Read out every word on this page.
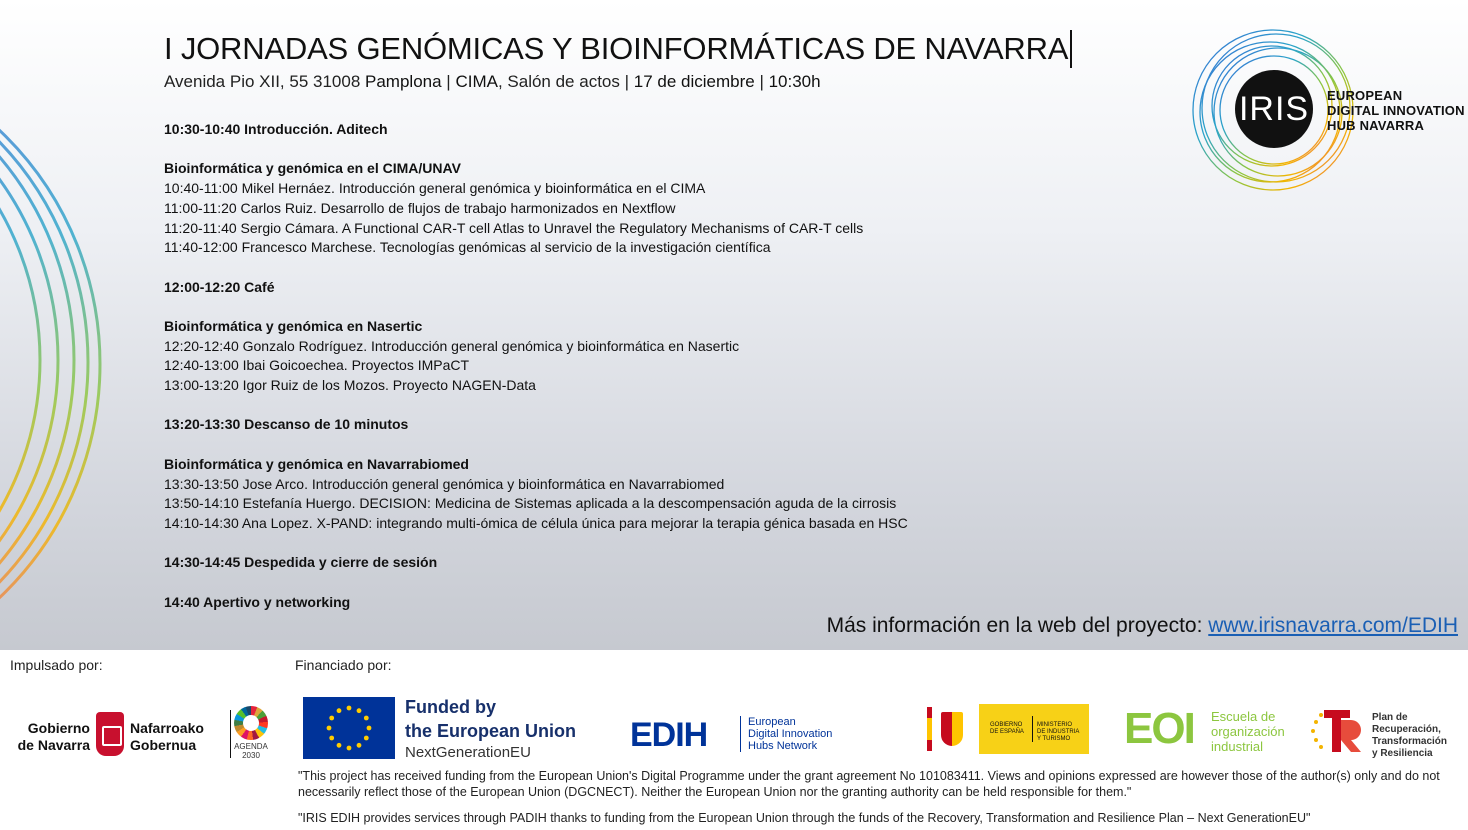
I JORNADAS GENÓMICAS Y BIOINFORMÁTICAS DE NAVARRA
Avenida Pio XII, 55 31008 Pamplona | CIMA, Salón de actos | 17 de diciembre | 10:30h
10:30-10:40 Introducción. Aditech
Bioinformática y genómica en el CIMA/UNAV
10:40-11:00 Mikel Hernáez. Introducción general genómica y bioinformática en el CIMA
11:00-11:20 Carlos Ruiz. Desarrollo de flujos de trabajo harmonizados en Nextflow
11:20-11:40 Sergio Cámara. A Functional CAR-T cell Atlas to Unravel the Regulatory Mechanisms of CAR-T cells
11:40-12:00 Francesco Marchese. Tecnologías genómicas al servicio de la investigación científica
12:00-12:20 Café
Bioinformática y genómica en Nasertic
12:20-12:40 Gonzalo Rodríguez. Introducción general genómica y bioinformática en Nasertic
12:40-13:00 Ibai Goicoechea. Proyectos IMPaCT
13:00-13:20 Igor Ruiz de los Mozos. Proyecto NAGEN-Data
13:20-13:30 Descanso de 10 minutos
Bioinformática y genómica en Navarrabiomed
13:30-13:50 Jose Arco. Introducción general genómica y bioinformática en Navarrabiomed
13:50-14:10 Estefanía Huergo. DECISION: Medicina de Sistemas aplicada a la descompensación aguda de la cirrosis
14:10-14:30 Ana Lopez. X-PAND: integrando multi-ómica de célula única para mejorar la terapia génica basada en HSC
14:30-14:45 Despedida y cierre de sesión
14:40 Apertivo y networking
Más información en la web del proyecto: www.irisnavarra.com/EDIH
IRIS	EUROPEAN
DIGITAL INNOVATION
HUB NAVARRA
Impulsado por:	Financiado por:
Gobierno
de Navarra
Nafarroako
Gobernua	AGENDA
2030
Funded by
the European Union
NextGenerationEU	EDIH	European
Digital Innovation
Hubs Network
GOBIERNO
DE ESPAÑA
MINISTERIO
DE INDUSTRIA
Y TURISMO EOI Escuela de
organización
industrial
Plan de
Recuperación,
Transformación
y Resiliencia
"This project has received funding from the European Union's Digital Programme under the grant agreement No 101083411. Views and opinions expressed are however those of the author(s) only and do not necessarily reflect those of the European Union (DGCNECT). Neither the European Union nor the granting authority can be held responsible for them."
"IRIS EDIH provides services through PADIH thanks to funding from the European Union through the funds of the Recovery, Transformation and Resilience Plan – Next GenerationEU"
